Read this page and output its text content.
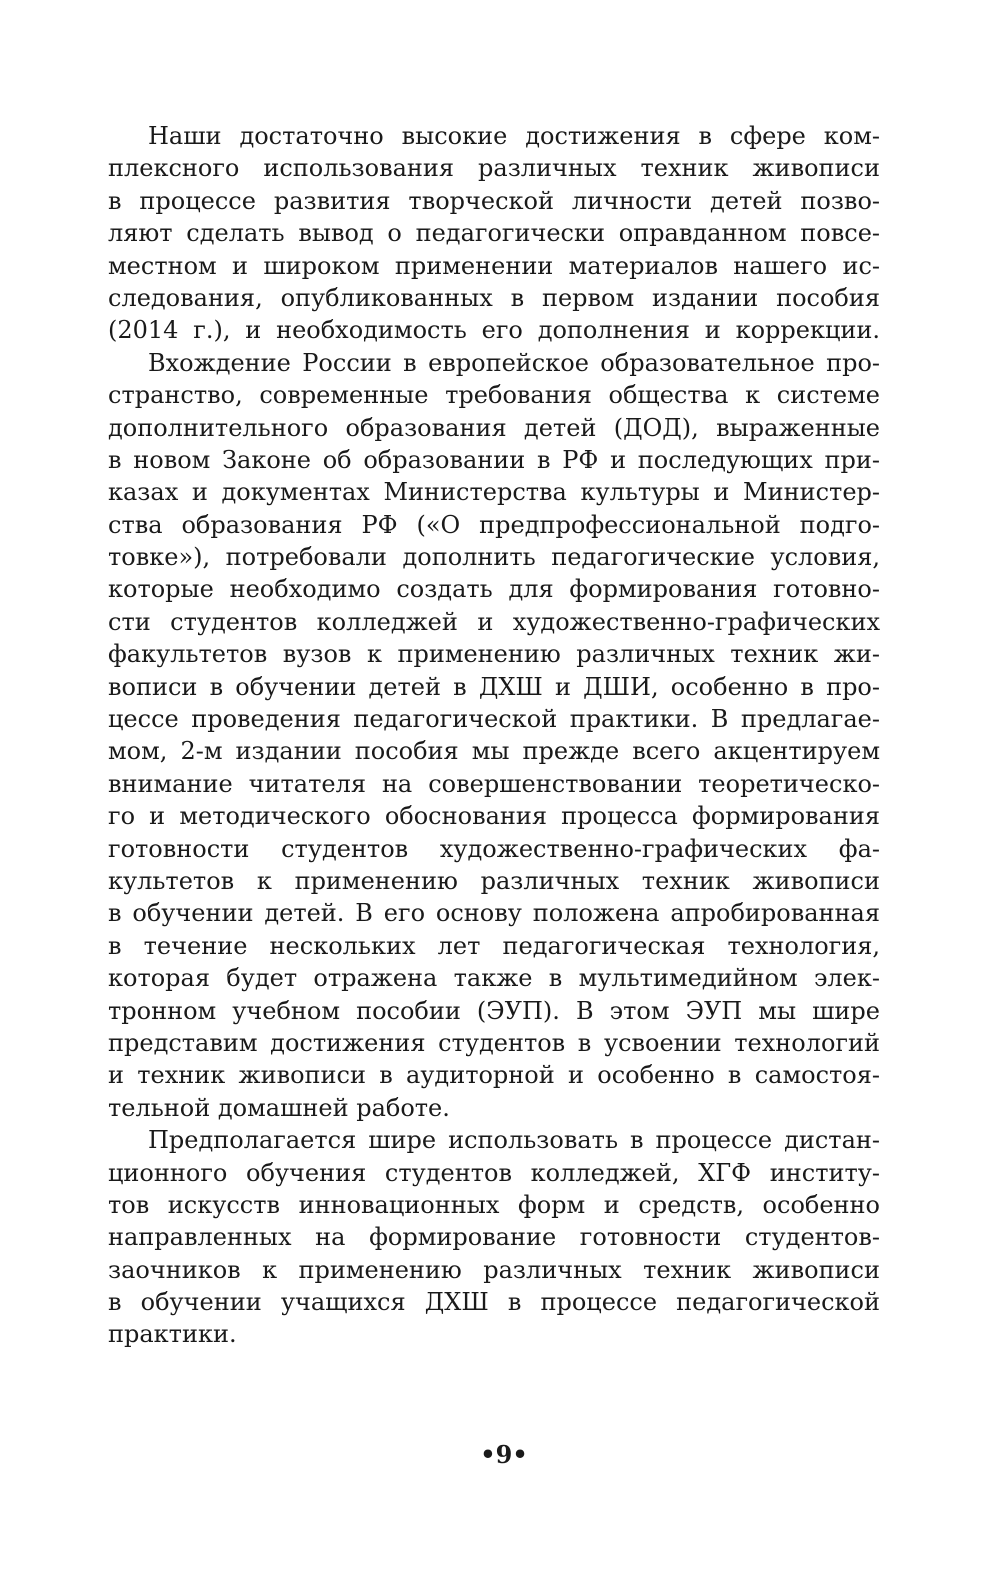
Наши достаточно высокие достижения в сфере ком-
плексного использования различных техник живописи
в процессе развития творческой личности детей позво-
ляют сделать вывод о педагогически оправданном повсе-
местном и широком применении материалов нашего ис-
следования, опубликованных в первом издании пособия
(2014 г.), и необходимость его дополнения и коррекции.
Вхождение России в европейское образовательное про-
странство, современные требования общества к системе
дополнительного образования детей (ДОД), выраженные
в новом Законе об образовании в РФ и последующих при-
казах и документах Министерства культуры и Министер-
ства образования РФ («О предпрофессиональной подго-
товке»), потребовали дополнить педагогические условия,
которые необходимо создать для формирования готовно-
сти студентов колледжей и художественно-графических
факультетов вузов к применению различных техник жи-
вописи в обучении детей в ДХШ и ДШИ, особенно в про-
цессе проведения педагогической практики. В предлагае-
мом, 2-м издании пособия мы прежде всего акцентируем
внимание читателя на совершенствовании теоретическо-
го и методического обоснования процесса формирования
готовности студентов художественно-графических фа-
культетов к применению различных техник живописи
в обучении детей. В его основу положена апробированная
в течение нескольких лет педагогическая технология,
которая будет отражена также в мультимедийном элек-
тронном учебном пособии (ЭУП). В этом ЭУП мы шире
представим достижения студентов в усвоении технологий
и техник живописи в аудиторной и особенно в самостоя-
тельной домашней работе.
Предполагается шире использовать в процессе дистан-
ционного обучения студентов колледжей, ХГФ институ-
тов искусств инновационных форм и средств, особенно
направленных на формирование готовности студентов-
заочников к применению различных техник живописи
в обучении учащихся ДХШ в процессе педагогической
практики.
•9•
